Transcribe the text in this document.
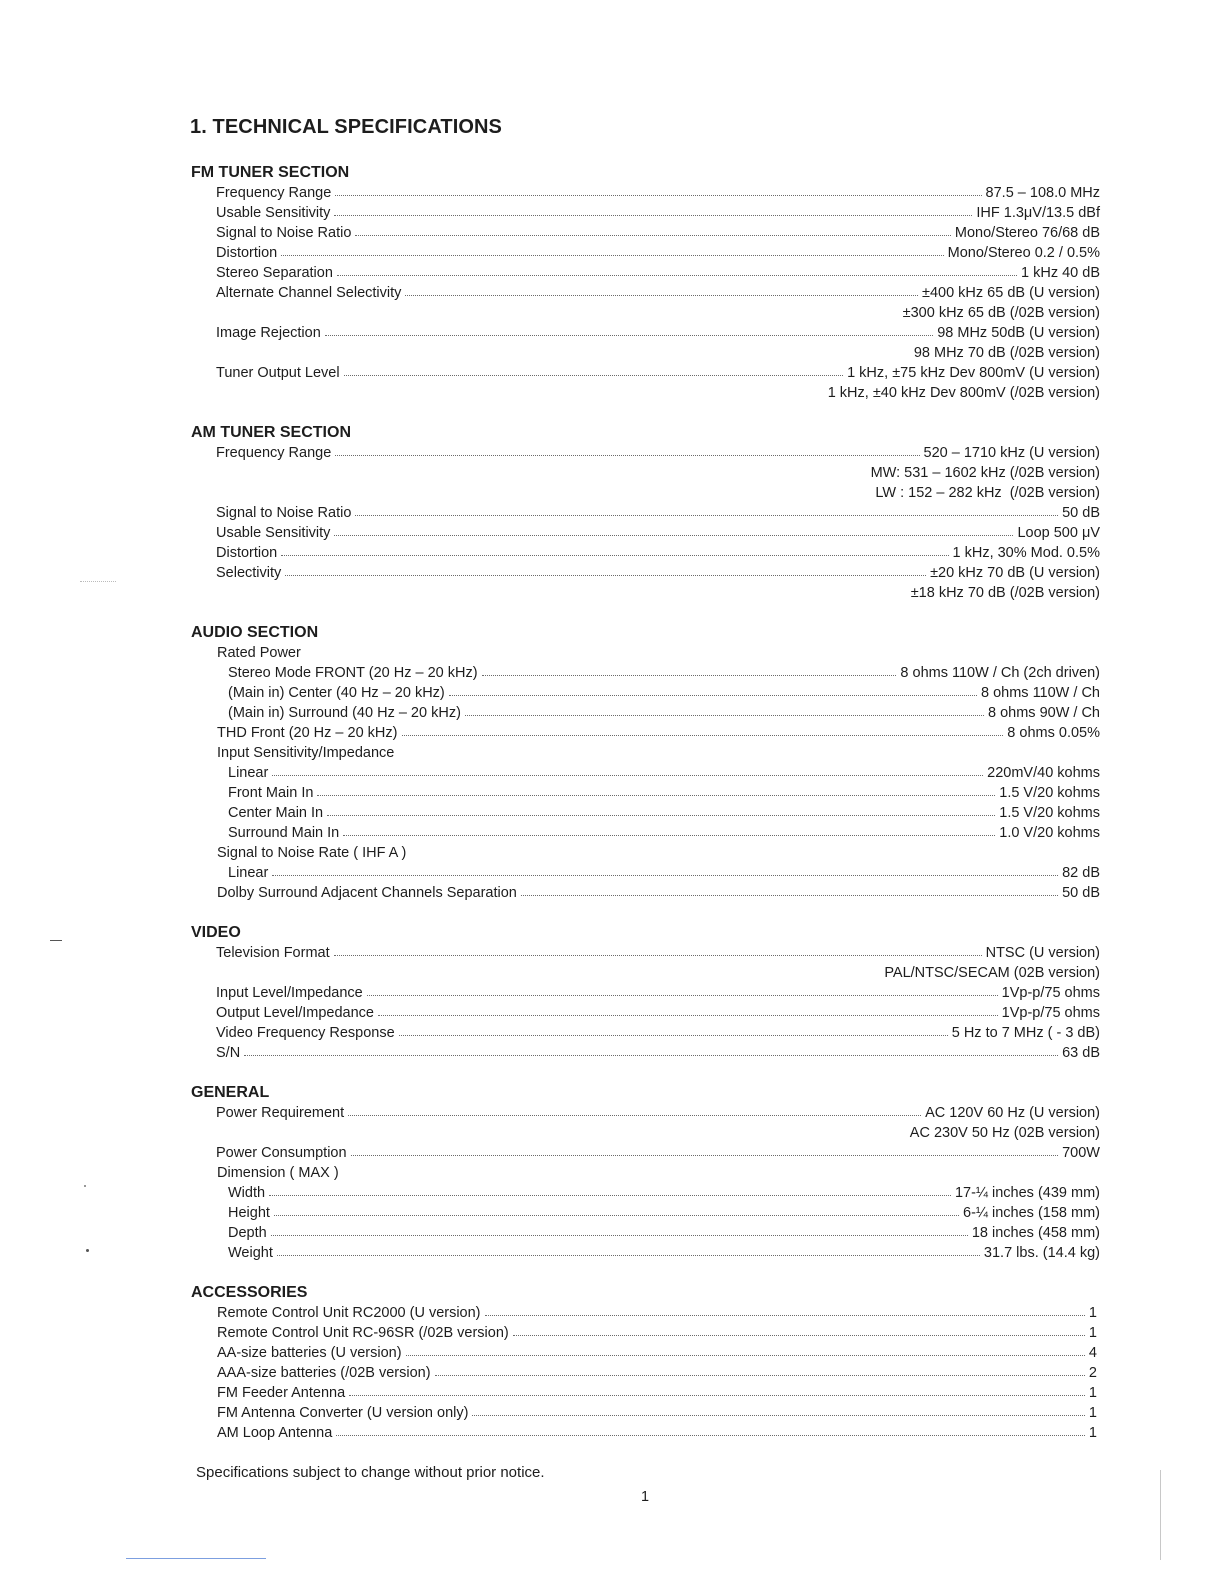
1. TECHNICAL SPECIFICATIONS
FM TUNER SECTION
Frequency Range	87.5 – 108.0 MHz
Usable Sensitivity	IHF 1.3μV/13.5 dBf
Signal to Noise Ratio	Mono/Stereo 76/68 dB
Distortion	Mono/Stereo 0.2 / 0.5%
Stereo Separation	1 kHz 40 dB
Alternate Channel Selectivity	±400 kHz 65 dB (U version)
±300 kHz 65 dB (/02B version)
Image Rejection	98 MHz 50dB (U version)
98 MHz 70 dB (/02B version)
Tuner Output Level	1 kHz, ±75 kHz Dev 800mV (U version)
1 kHz, ±40 kHz Dev 800mV (/02B version)
AM TUNER SECTION
Frequency Range	520 – 1710 kHz (U version)
MW: 531 – 1602 kHz (/02B version)
LW : 152 – 282 kHz  (/02B version)
Signal to Noise Ratio	50 dB
Usable Sensitivity	Loop 500 μV
Distortion	1 kHz, 30% Mod. 0.5%
Selectivity	±20 kHz 70 dB (U version)
±18 kHz 70 dB (/02B version)
AUDIO SECTION
Rated Power
Stereo Mode FRONT (20 Hz – 20 kHz)	8 ohms 110W / Ch (2ch driven)
(Main in) Center (40 Hz – 20 kHz)	8 ohms 110W / Ch
(Main in) Surround (40 Hz – 20 kHz)	8 ohms 90W / Ch
THD Front (20 Hz – 20 kHz)	8 ohms 0.05%
Input Sensitivity/Impedance
Linear	220mV/40 kohms
Front Main In	1.5 V/20 kohms
Center Main In	1.5 V/20 kohms
Surround Main In	1.0 V/20 kohms
Signal to Noise Rate ( IHF A )
Linear	82 dB
Dolby Surround Adjacent Channels Separation	50 dB
VIDEO
Television Format	NTSC (U version)
PAL/NTSC/SECAM (02B version)
Input Level/Impedance	1Vp-p/75 ohms
Output Level/Impedance	1Vp-p/75 ohms
Video Frequency Response	5 Hz to 7 MHz ( - 3 dB)
S/N	63 dB
GENERAL
Power Requirement	AC 120V 60 Hz (U version)
AC 230V 50 Hz (02B version)
Power Consumption	700W
Dimension ( MAX )
Width	17-¼ inches (439 mm)
Height	6-¼ inches (158 mm)
Depth	18 inches (458 mm)
Weight	31.7 lbs. (14.4 kg)
ACCESSORIES
Remote Control Unit RC2000 (U version)	1
Remote Control Unit RC-96SR (/02B version)	1
AA-size batteries (U version)	4
AAA-size batteries (/02B version)	2
FM Feeder Antenna	1
FM Antenna Converter (U version only)	1
AM Loop Antenna	1
Specifications subject to change without prior notice.
1
